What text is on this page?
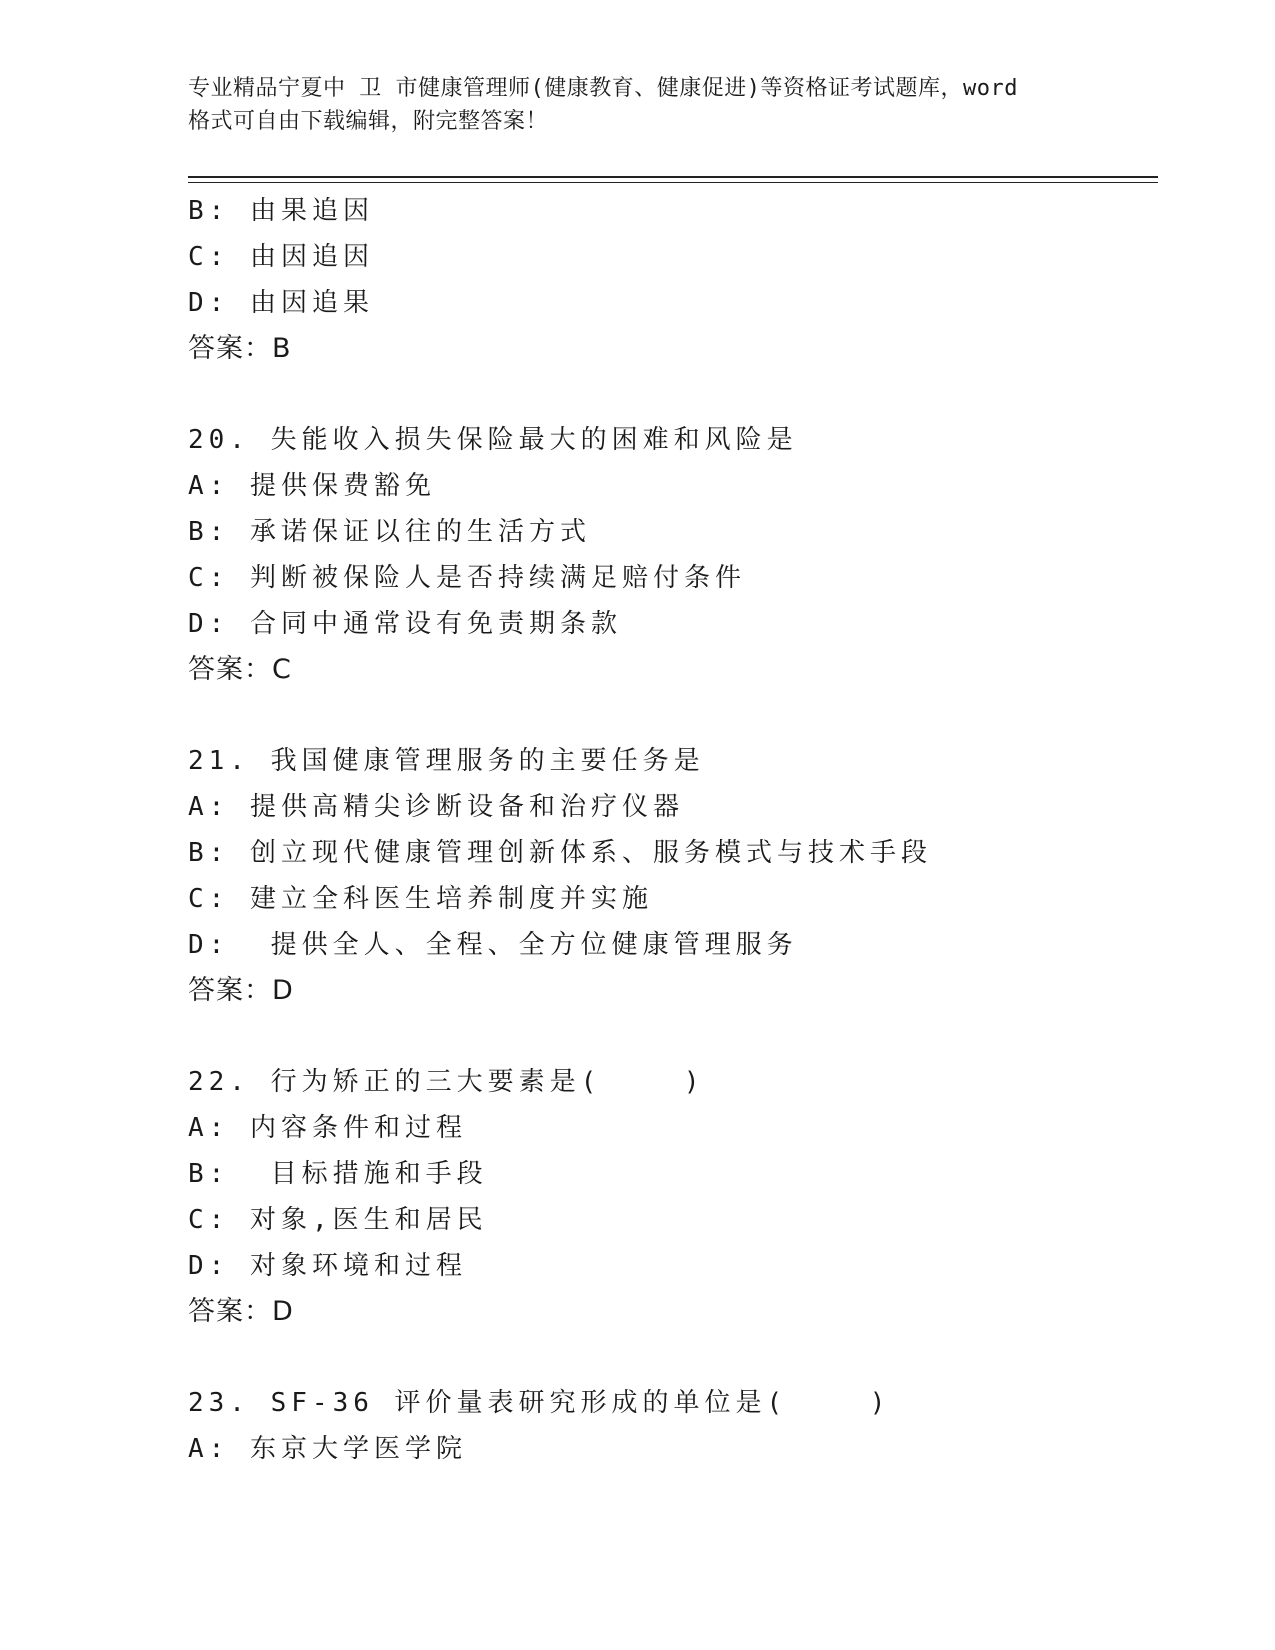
专业精品宁夏中 卫 市健康管理师(健康教育、健康促进)等资格证考试题库，word
格式可自由下载编辑，附完整答案！
B: 由果追因
C: 由因追因
D: 由因追果
答案：B
20. 失能收入损失保险最大的困难和风险是
A: 提供保费豁免
B: 承诺保证以往的生活方式
C: 判断被保险人是否持续满足赔付条件
D: 合同中通常设有免责期条款
答案：C
21. 我国健康管理服务的主要任务是
A: 提供高精尖诊断设备和治疗仪器
B: 创立现代健康管理创新体系、服务模式与技术手段
C: 建立全科医生培养制度并实施
D:  提供全人、全程、全方位健康管理服务
答案：D
22. 行为矫正的三大要素是(    )
A: 内容条件和过程
B:  目标措施和手段
C: 对象,医生和居民
D: 对象环境和过程
答案：D
23. SF-36 评价量表研究形成的单位是(    )
A: 东京大学医学院
